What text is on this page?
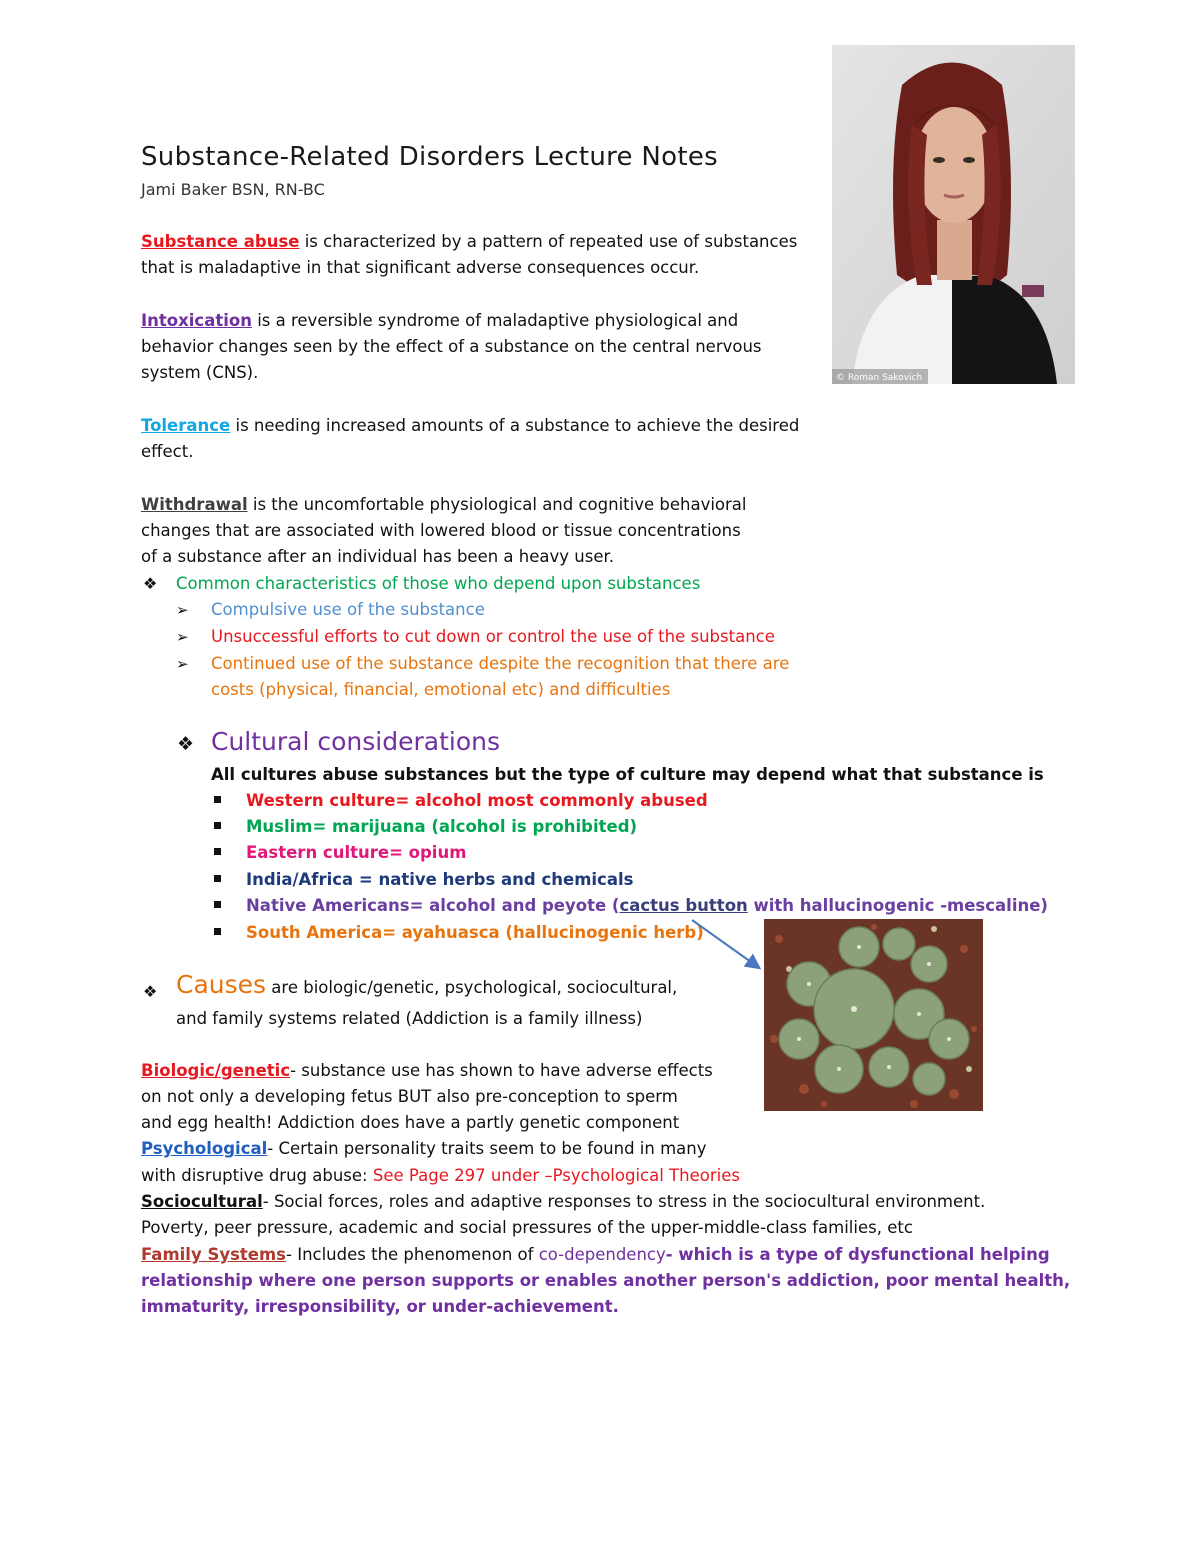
© Roman Sakovich
Substance-Related Disorders Lecture Notes
Jami Baker BSN, RN-BC
Substance abuse is characterized by a pattern of repeated use of substances
that is maladaptive in that significant adverse consequences occur.
Intoxication is a reversible syndrome of maladaptive physiological and
behavior changes seen by the effect of a substance on the central nervous
system (CNS).
Tolerance is needing increased amounts of a substance to achieve the desired
effect.
Withdrawal is the uncomfortable physiological and cognitive behavioral
changes that are associated with lowered blood or tissue concentrations
of a substance after an individual has been a heavy user.
❖ Common characteristics of those who depend upon substances
➢ Compulsive use of the substance
➢ Unsuccessful efforts to cut down or control the use of the substance
➢ Continued use of the substance despite the recognition that there are
costs (physical, financial, emotional etc) and difficulties
❖ Cultural considerations
All cultures abuse substances but the type of culture may depend what that substance is
Western culture= alcohol most commonly abused
Muslim= marijuana (alcohol is prohibited)
Eastern culture= opium
India/Africa = native herbs and chemicals
Native Americans= alcohol and peyote (cactus button with hallucinogenic -mescaline)
South America= ayahuasca (hallucinogenic herb)
❖ Causes are biologic/genetic, psychological, sociocultural,
and family systems related (Addiction is a family illness)
Biologic/genetic- substance use has shown to have adverse effects
on not only a developing fetus BUT also pre-conception to sperm
and egg health! Addiction does have a partly genetic component
Psychological- Certain personality traits seem to be found in many
with disruptive drug abuse: See Page 297 under –Psychological Theories
Sociocultural- Social forces, roles and adaptive responses to stress in the sociocultural environment.
Poverty, peer pressure, academic and social pressures of the upper-middle-class families, etc
Family Systems- Includes the phenomenon of co-dependency- which is a type of dysfunctional helping
relationship where one person supports or enables another person's addiction, poor mental health,
immaturity, irresponsibility, or under-achievement.
